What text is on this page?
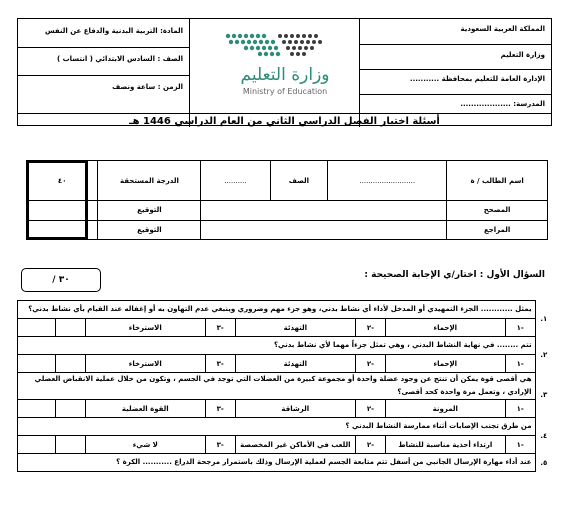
المملكة العربية السعودية
وزارة التعليم
الإدارة العامة للتعليم بمحافظة ...........
المدرسة: ...................
المادة: التربية البدنية والدفاع عن النفس
الصف : السادس الابتدائي ( انتساب )
الزمن : ساعة ونصف
أسئلة اختبار الفصل الدراسي الثاني من العام الدراسي 1446 هـ
وزارة التعليم
Ministry of Education
اسم الطالب / ة	.........................	الصف	..........	الدرجة المستحقة	٤٠
المصحح				التوقيع	
المراجع				التوقيع	
/ ٣٠	السؤال الأول : اختار/ي الإجابة الصحيحة :
١.	يمثل ............ الجزء التمهيدي أو المدخل لأداء أي نشاط بدني، وهو جزء مهم وضروري وينبغي عدم التهاون به أو إغفاله عند القيام بأي نشاط بدني؟							
	-١	الإحماء	-٢	التهدئة	-٣	الاسترخاء		
٢.	تتم ........ في نهاية النشاط البدني ، وهي تمثل جزءاً مهما لأي نشاط بدني؟							
	-١	الإحماء	-٢	التهدئة	-٣	الاسترخاء		
٣.	هي أقصى قوة يمكن أن تنتج عن وجود عضلة واحدة أو مجموعة كبيرة من العضلات التي توجد في الجسم ، وتكون من خلال عملية الانقباض العضلي الإرادي ، وتعمل مرة واحدة كحد أقصى؟							
	-١	المرونة	-٢	الرشاقة	-٣	القوة العضلية		
٤.	من طرق تجنب الإصابات أثناء ممارسة النشاط البدني ؟							
	-١	ارتداء أحذية مناسبة للنشاط	-٢	اللعب في الأماكن غير المخصصة	-٣	لا شيء		
٥.	عند أداء مهارة الإرسال الجانبي من أسفل تتم متابعة الجسم لعملية الإرسال وذلك باستمرار مرجحة الذراع ........... الكرة ؟							
